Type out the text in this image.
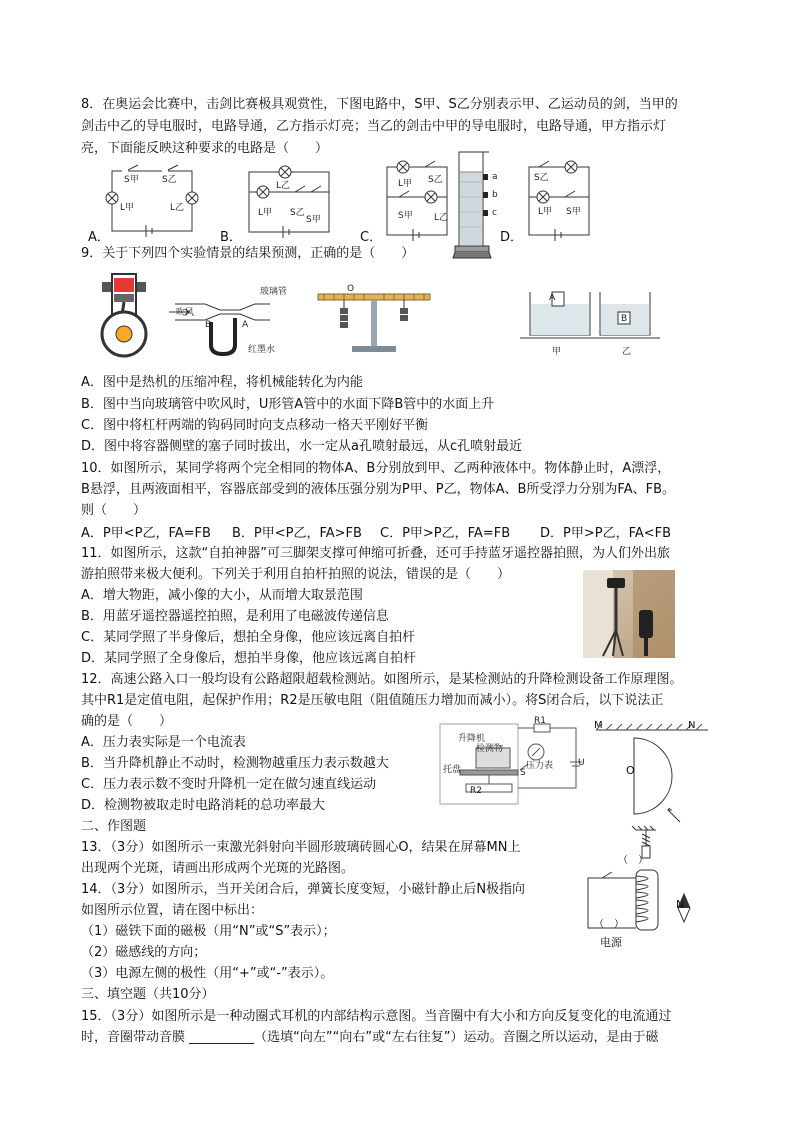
8．在奥运会比赛中，击剑比赛极具观赏性，下图电路中，S甲、S乙分别表示甲、乙运动员的剑，当甲的
剑击中乙的导电服时，电路导通，乙方指示灯亮；当乙的剑击中甲的导电服时，电路导通，甲方指示灯
亮，下面能反映这种要求的电路是（　　）
S甲	S乙
L甲	L乙
A．
L乙
L甲 S乙
S甲
B．
L甲 S乙
S甲 L乙
C．
a
b
c
D．
S乙
L甲 S甲
9．关于下列四个实验情景的结果预测，正确的是（　　）
玻璃管
吹风
B	A
红墨水
O
A
B
甲	乙
A．图中是热机的压缩冲程，将机械能转化为内能
B．图中当向玻璃管中吹风时，U形管A管中的水面下降B管中的水面上升
C．图中将杠杆两端的钩码同时向支点移动一格天平刚好平衡
D．图中将容器侧壁的塞子同时拔出，水一定从a孔喷射最远，从c孔喷射最近
10．如图所示，某同学将两个完全相同的物体A、B分别放到甲、乙两种液体中。物体静止时，A漂浮，
B悬浮，且两液面相平，容器底部受到的液体压强分别为P甲、P乙，物体A、B所受浮力分别为FA、FB。
则（　　）
A．P甲<P乙，FA=FB B．P甲<P乙，FA>FB C．P甲>P乙，FA=FB D．P甲>P乙，FA<FB
11．如图所示，这款“自拍神器”可三脚架支撑可伸缩可折叠，还可手持蓝牙遥控器拍照，为人们外出旅
游拍照带来极大便利。下列关于利用自拍杆拍照的说法，错误的是（　　）
A．增大物距，减小像的大小，从而增大取景范围
B．用蓝牙遥控器遥控拍照，是利用了电磁波传递信息
C．某同学照了半身像后，想拍全身像，他应该远离自拍杆
D．某同学照了全身像后，想拍半身像，他应该远离自拍杆
12．高速公路入口一般均设有公路超限超载检测站。如图所示，是某检测站的升降检测设备工作原理图。
其中R1是定值电阻，起保护作用；R2是压敏电阻（阻值随压力增加而减小）。将S闭合后，以下说法正
确的是（　　）
A．压力表实际是一个电流表
B．当升降机静止不动时，检测物越重压力表示数越大
C．压力表示数不变时升降机一定在做匀速直线运动
D．检测物被取走时电路消耗的总功率最大
升降机
检测物
托盘
R1
R2
压力表
S
U
M	N
O
二、作图题
13．（3分）如图所示一束激光斜射向半圆形玻璃砖圆心O，结果在屏幕MN上
出现两个光斑，请画出形成两个光斑的光路图。
14．（3分）如图所示，当开关闭合后，弹簧长度变短，小磁针静止后N极指向
如图所示位置，请在图中标出：
（1）磁铁下面的磁极（用“N”或“S”表示）；
（2）磁感线的方向；
（3）电源左侧的极性（用“+”或“-”表示）。
（　）
N
（　）
电源
三、填空题（共10分）
15．（3分）如图所示是一种动圈式耳机的内部结构示意图。当音圈中有大小和方向反复变化的电流通过
时，音圈带动音膜 __________（选填“向左”“向右”或“左右往复”）运动。音圈之所以运动，是由于磁
